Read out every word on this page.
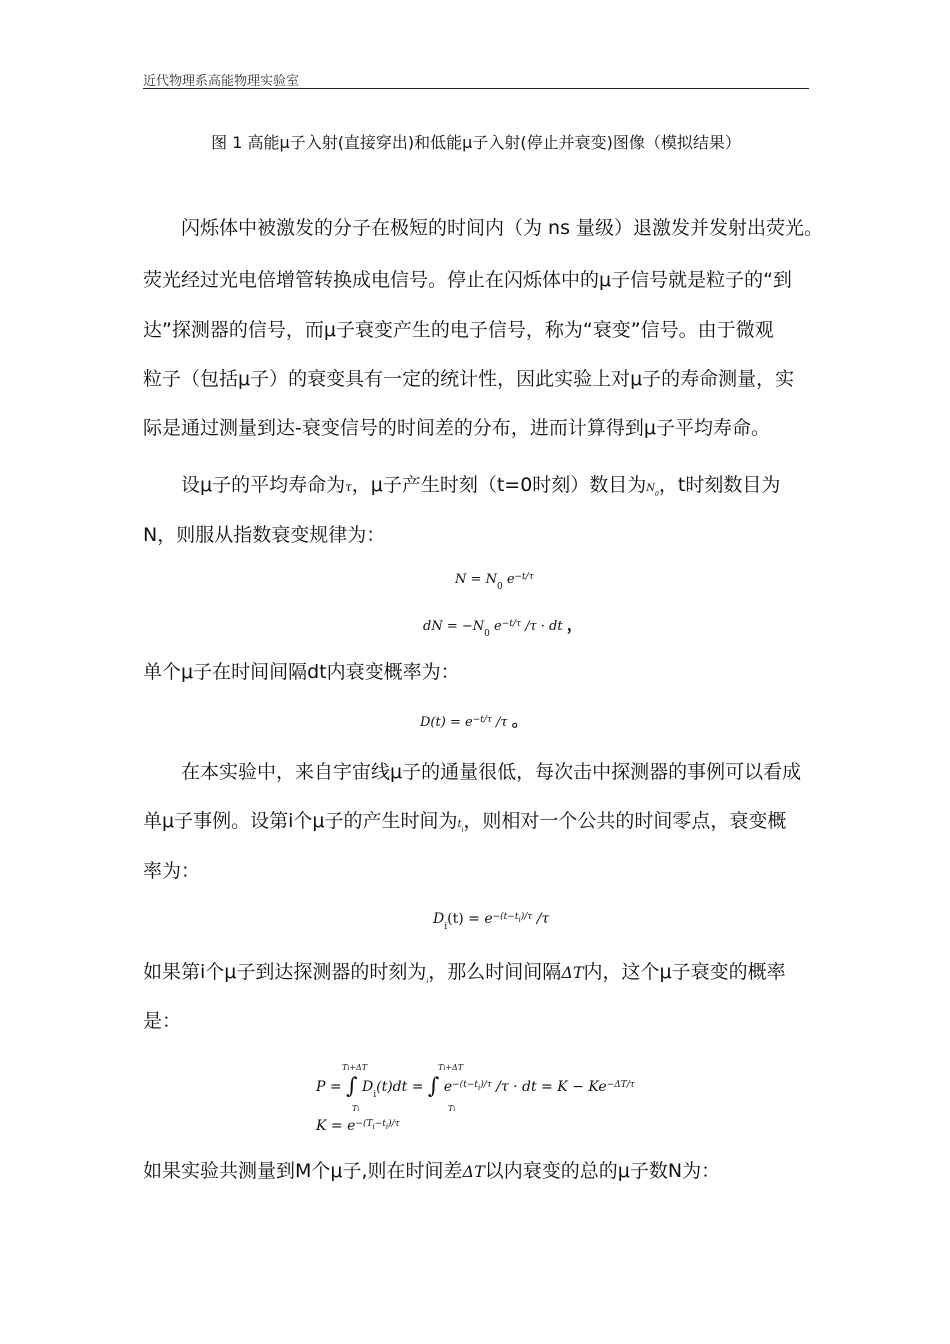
近代物理系高能物理实验室
图 1 高能μ子入射(直接穿出)和低能μ子入射(停止并衰变)图像（模拟结果）
闪烁体中被激发的分子在极短的时间内（为 ns 量级）退激发并发射出荧光。
荧光经过光电倍增管转换成电信号。停止在闪烁体中的μ子信号就是粒子的“到
达”探测器的信号，而μ子衰变产生的电子信号，称为“衰变”信号。由于微观
粒子（包括μ子）的衰变具有一定的统计性，因此实验上对μ子的寿命测量，实
际是通过测量到达-衰变信号的时间差的分布，进而计算得到μ子平均寿命。
设μ子的平均寿命为τ，μ子产生时刻（t=0时刻）数目为$N_0$，t时刻数目为
N，则服从指数衰变规律为：
$N = N_0$ $e^{-t/\tau}$
dN = $-N_0$ $e^{-t/\tau}$ /τ · dt ，
单个μ子在时间间隔dt内衰变概率为：
$D(t) = e^{-t/\tau}$ /τ 。
在本实验中，来自宇宙线μ子的通量很低，每次击中探测器的事例可以看成
单μ子事例。设第i个μ子的产生时间为$t_i$，则相对一个公共的时间零点，衰变概
率为：
$D_i(t) = e^{-(t-t}i^{)/\tau}$ /τ
如果第i个μ子到达探测器的时刻为$_i$，那么时间间隔ΔT内，这个μ子衰变的概率
是：
Ti+ΔT	Ti+ΔT
P = ∫ $D_i(t)dt$ = ∫ $e^{-(t-t}i^{)/\tau}$ /τ · dt = $K - Ke^{-\Delta T/\tau}$
Ti	Ti
$K = e^{-(T}i^{-t}i^{)/\tau}$
如果实验共测量到M个μ子,则在时间差ΔT以内衰变的总的μ子数N为：
